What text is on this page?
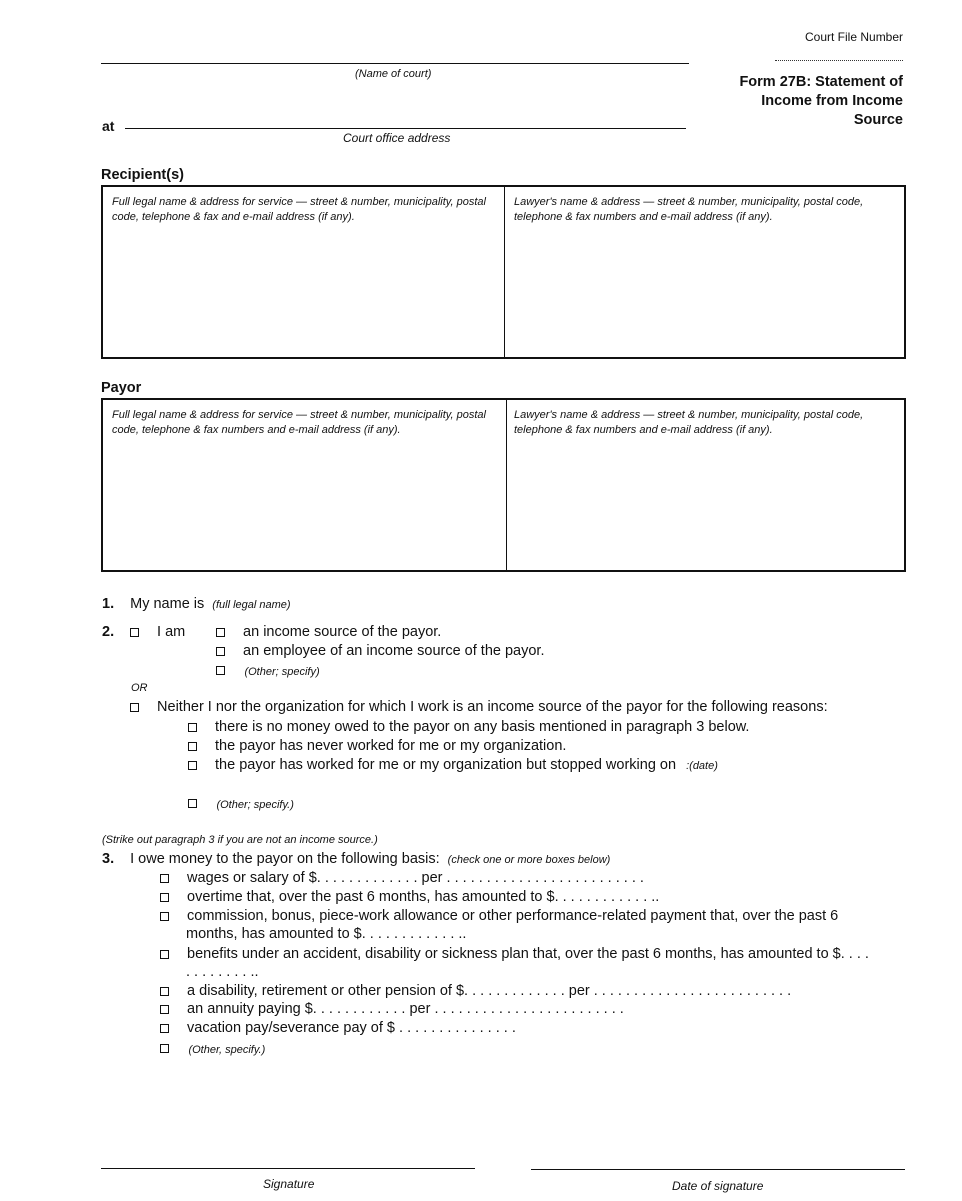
Court File Number
(Name of court)
at
Court office address
Form 27B: Statement of
Income from Income
Source
Recipient(s)
Full legal name & address for service — street & number, municipality, postal code, telephone & fax and e-mail address (if any).
Lawyer's name & address — street & number, municipality, postal code, telephone & fax numbers and e-mail address (if any).
Payor
Full legal name & address for service — street & number, municipality, postal code, telephone & fax numbers and e-mail address (if any).
Lawyer's name & address — street & number, municipality, postal code, telephone & fax numbers and e-mail address (if any).
1. My name is (full legal name)
2.	I am	an income source of the payor.
an employee of an income source of the payor.
(Other; specify)
OR
Neither I nor the organization for which I work is an income source of the payor for the following reasons:
there is no money owed to the payor on any basis mentioned in paragraph 3 below.
the payor has never worked for me or my organization.
the payor has worked for me or my organization but stopped working on :(date)
(Other; specify.)
(Strike out paragraph 3 if you are not an income source.)
3. I owe money to the payor on the following basis: (check one or more boxes below)
wages or salary of $. . . . . . . . . . . . . per . . . . . . . . . . . . . . . . . . . . . . . . .
overtime that, over the past 6 months, has amounted to $. . . . . . . . . . . . ..
commission, bonus, piece-work allowance or other performance-related payment that, over the past 6
months, has amounted to $. . . . . . . . . . . . ..
benefits under an accident, disability or sickness plan that, over the past 6 months, has amounted to $. . . .
. . . . . . . . ..
a disability, retirement or other pension of $. . . . . . . . . . . . . per . . . . . . . . . . . . . . . . . . . . . . . . .
an annuity paying $. . . . . . . . . . . . per . . . . . . . . . . . . . . . . . . . . . . . .
vacation pay/severance pay of $ . . . . . . . . . . . . . . .
(Other, specify.)
Signature	Date of signature
